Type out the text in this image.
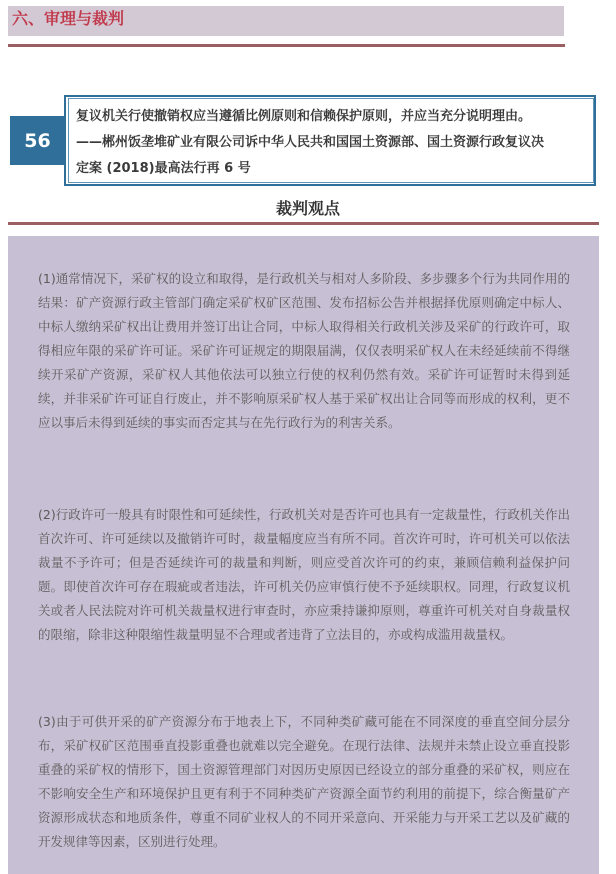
六、审理与裁判
56
复议机关行使撤销权应当遵循比例原则和信赖保护原则，并应当充分说明理由。
——郴州饭垄堆矿业有限公司诉中华人民共和国国土资源部、国土资源行政复议决
定案 (2018)最高法行再 6 号
裁判观点
(1)通常情况下，采矿权的设立和取得，是行政机关与相对人多阶段、多步骤多个行为共同作用的结果：矿产资源行政主管部门确定采矿权矿区范围、发布招标公告并根据择优原则确定中标人、中标人缴纳采矿权出让费用并签订出让合同，中标人取得相关行政机关涉及采矿的行政许可，取得相应年限的采矿许可证。采矿许可证规定的期限届满，仅仅表明采矿权人在未经延续前不得继续开采矿产资源，采矿权人其他依法可以独立行使的权利仍然有效。采矿许可证暂时未得到延续，并非采矿许可证自行废止，并不影响原采矿权人基于采矿权出让合同等而形成的权利，更不应以事后未得到延续的事实而否定其与在先行政行为的利害关系。
(2)行政许可一般具有时限性和可延续性，行政机关对是否许可也具有一定裁量性，行政机关作出首次许可、许可延续以及撤销许可时，裁量幅度应当有所不同。首次许可时，许可机关可以依法裁量不予许可；但是否延续许可的裁量和判断，则应受首次许可的约束，兼顾信赖利益保护问题。即使首次许可存在瑕疵或者违法，许可机关仍应审慎行使不予延续职权。同理，行政复议机关或者人民法院对许可机关裁量权进行审查时，亦应秉持谦抑原则，尊重许可机关对自身裁量权的限缩，除非这种限缩性裁量明显不合理或者违背了立法目的，亦或构成滥用裁量权。
(3)由于可供开采的矿产资源分布于地表上下，不同种类矿藏可能在不同深度的垂直空间分层分布，采矿权矿区范围垂直投影重叠也就难以完全避免。在现行法律、法规并未禁止设立垂直投影重叠的采矿权的情形下，国土资源管理部门对因历史原因已经设立的部分重叠的采矿权，则应在不影响安全生产和环境保护且更有利于不同种类矿产资源全面节约利用的前提下，综合衡量矿产资源形成状态和地质条件，尊重不同矿业权人的不同开采意向、开采能力与开采工艺以及矿藏的开发规律等因素，区别进行处理。
